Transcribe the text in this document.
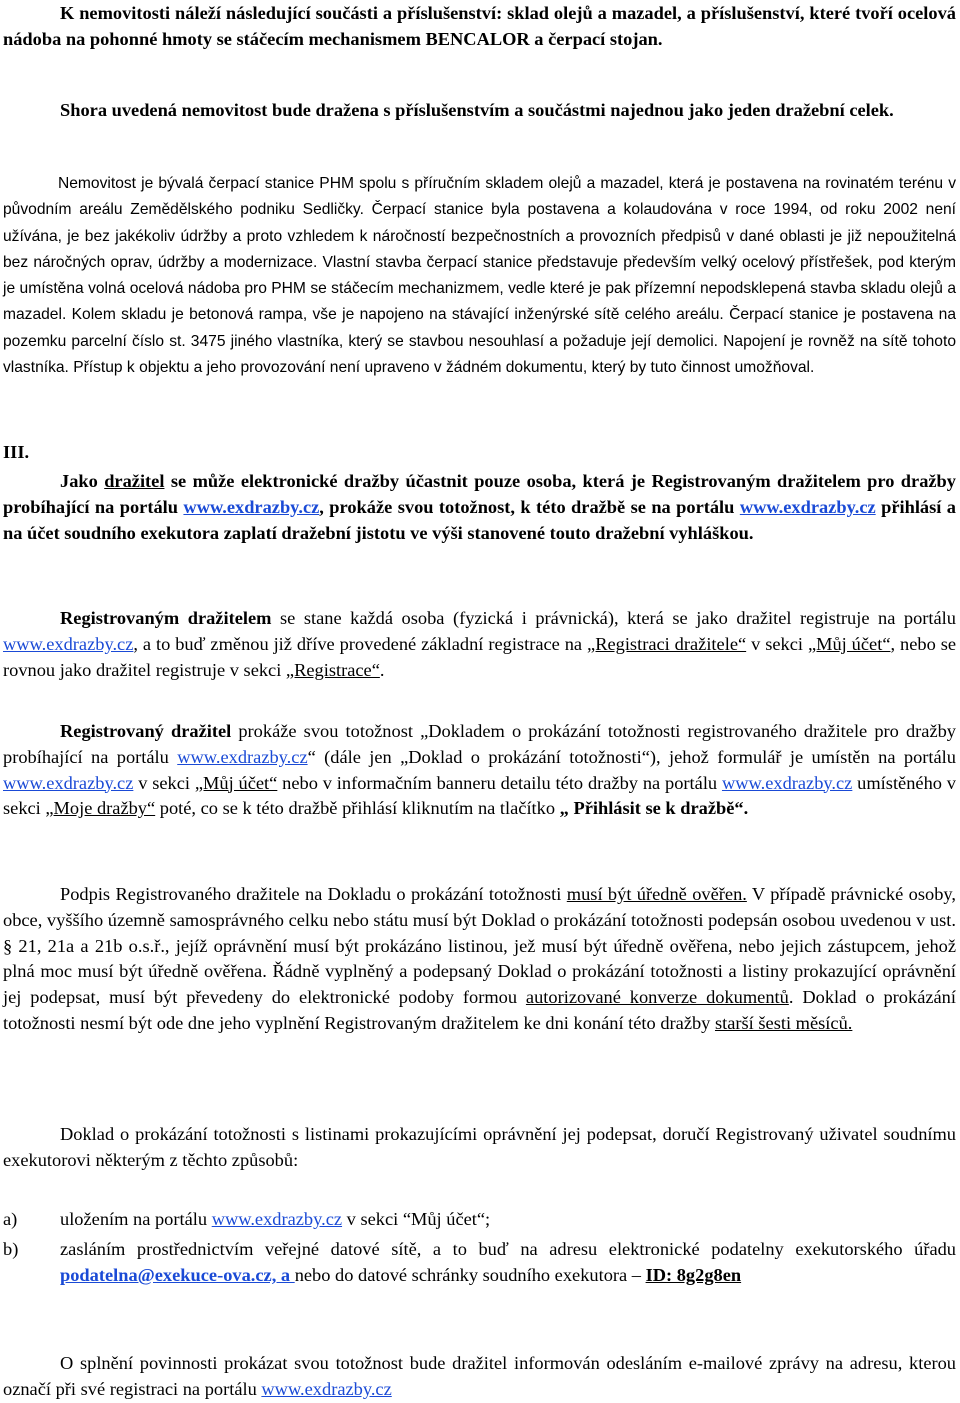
K nemovitosti náleží následující součásti a příslušenství: sklad olejů a mazadel, a příslušenství, které tvoří ocelová nádoba na pohonné hmoty se stáčecím mechanismem BENCALOR a čerpací stojan.

Shora uvedená nemovitost bude dražena s příslušenstvím a součástmi najednou jako jeden dražební celek.

Nemovitost je bývalá čerpací stanice PHM spolu s příručním skladem olejů a mazadel, která je postavena na rovinatém terénu v původním areálu Zemědělského podniku Sedličky. Čerpací stanice byla postavena a kolaudována v roce 1994, od roku 2002 není užívána, je bez jakékoliv údržby a proto vzhledem k náročností bezpečnostních a provozních předpisů v dané oblasti je již nepoužitelná bez náročných oprav, údržby a modernizace. Vlastní stavba čerpací stanice představuje především velký ocelový přístřešek, pod kterým je umístěna volná ocelová nádoba pro PHM se stáčecím mechanizmem, vedle které je pak přízemní nepodsklepená stavba skladu olejů a mazadel. Kolem skladu je betonová rampa, vše je napojeno na stávající inženýrské sítě celého areálu. Čerpací stanice je postavena na pozemku parcelní číslo st. 3475 jiného vlastníka, který se stavbou nesouhlasí a požaduje její demolici. Napojení je rovněž na sítě tohoto vlastníka. Přístup k objektu a jeho provozování není upraveno v žádném dokumentu, který by tuto činnost umožňoval.

III.

Jako dražitel se může elektronické dražby účastnit pouze osoba, která je Registrovaným dražitelem pro dražby probíhající na portálu www.exdrazby.cz, prokáže svou totožnost, k této dražbě se na portálu www.exdrazby.cz přihlásí a na účet soudního exekutora zaplatí dražební jistotu ve výši stanovené touto dražební vyhláškou.

Registrovaným dražitelem se stane každá osoba (fyzická i právnická), která se jako dražitel registruje na portálu www.exdrazby.cz, a to buď změnou již dříve provedené základní registrace na „Registraci dražitele“ v sekci „Můj účet“, nebo se rovnou jako dražitel registruje v sekci „Registrace“.

Registrovaný dražitel prokáže svou totožnost „Dokladem o prokázání totožnosti registrovaného dražitele pro dražby probíhající na portálu www.exdrazby.cz“ (dále jen „Doklad o prokázání totožnosti“), jehož formulář je umístěn na portálu www.exdrazby.cz v sekci „Můj účet“ nebo v informačním banneru detailu této dražby na portálu www.exdrazby.cz umístěného v sekci „Moje dražby“ poté, co se k této dražbě přihlásí kliknutím na tlačítko „ Přihlásit se k dražbě“.

Podpis Registrovaného dražitele na Dokladu o prokázání totožnosti musí být úředně ověřen. V případě právnické osoby, obce, vyššího územně samosprávného celku nebo státu musí být Doklad o prokázání totožnosti podepsán osobou uvedenou v ust. § 21, 21a a 21b o.s.ř., jejíž oprávnění musí být prokázáno listinou, jež musí být úředně ověřena, nebo jejich zástupcem, jehož plná moc musí být úředně ověřena. Řádně vyplněný a podepsaný Doklad o prokázání totožnosti a listiny prokazující oprávnění jej podepsat, musí být převedeny do elektronické podoby formou autorizované konverze dokumentů. Doklad o prokázání totožnosti nesmí být ode dne jeho vyplnění Registrovaným dražitelem ke dni konání této dražby starší šesti měsíců.

Doklad o prokázání totožnosti s listinami prokazujícími oprávnění jej podepsat, doručí Registrovaný uživatel soudnímu exekutorovi některým z těchto způsobů:

a)	uložením na portálu www.exdrazby.cz v sekci “Můj účet“;
b)	zasláním prostřednictvím veřejné datové sítě, a to buď na adresu elektronické podatelny exekutorského úřadu podatelna@exekuce-ova.cz, a nebo do datové schránky soudního exekutora – ID: 8g2g8en

O splnění povinnosti prokázat svou totožnost bude dražitel informován odesláním e-mailové zprávy na adresu, kterou označí při své registraci na portálu www.exdrazby.cz
